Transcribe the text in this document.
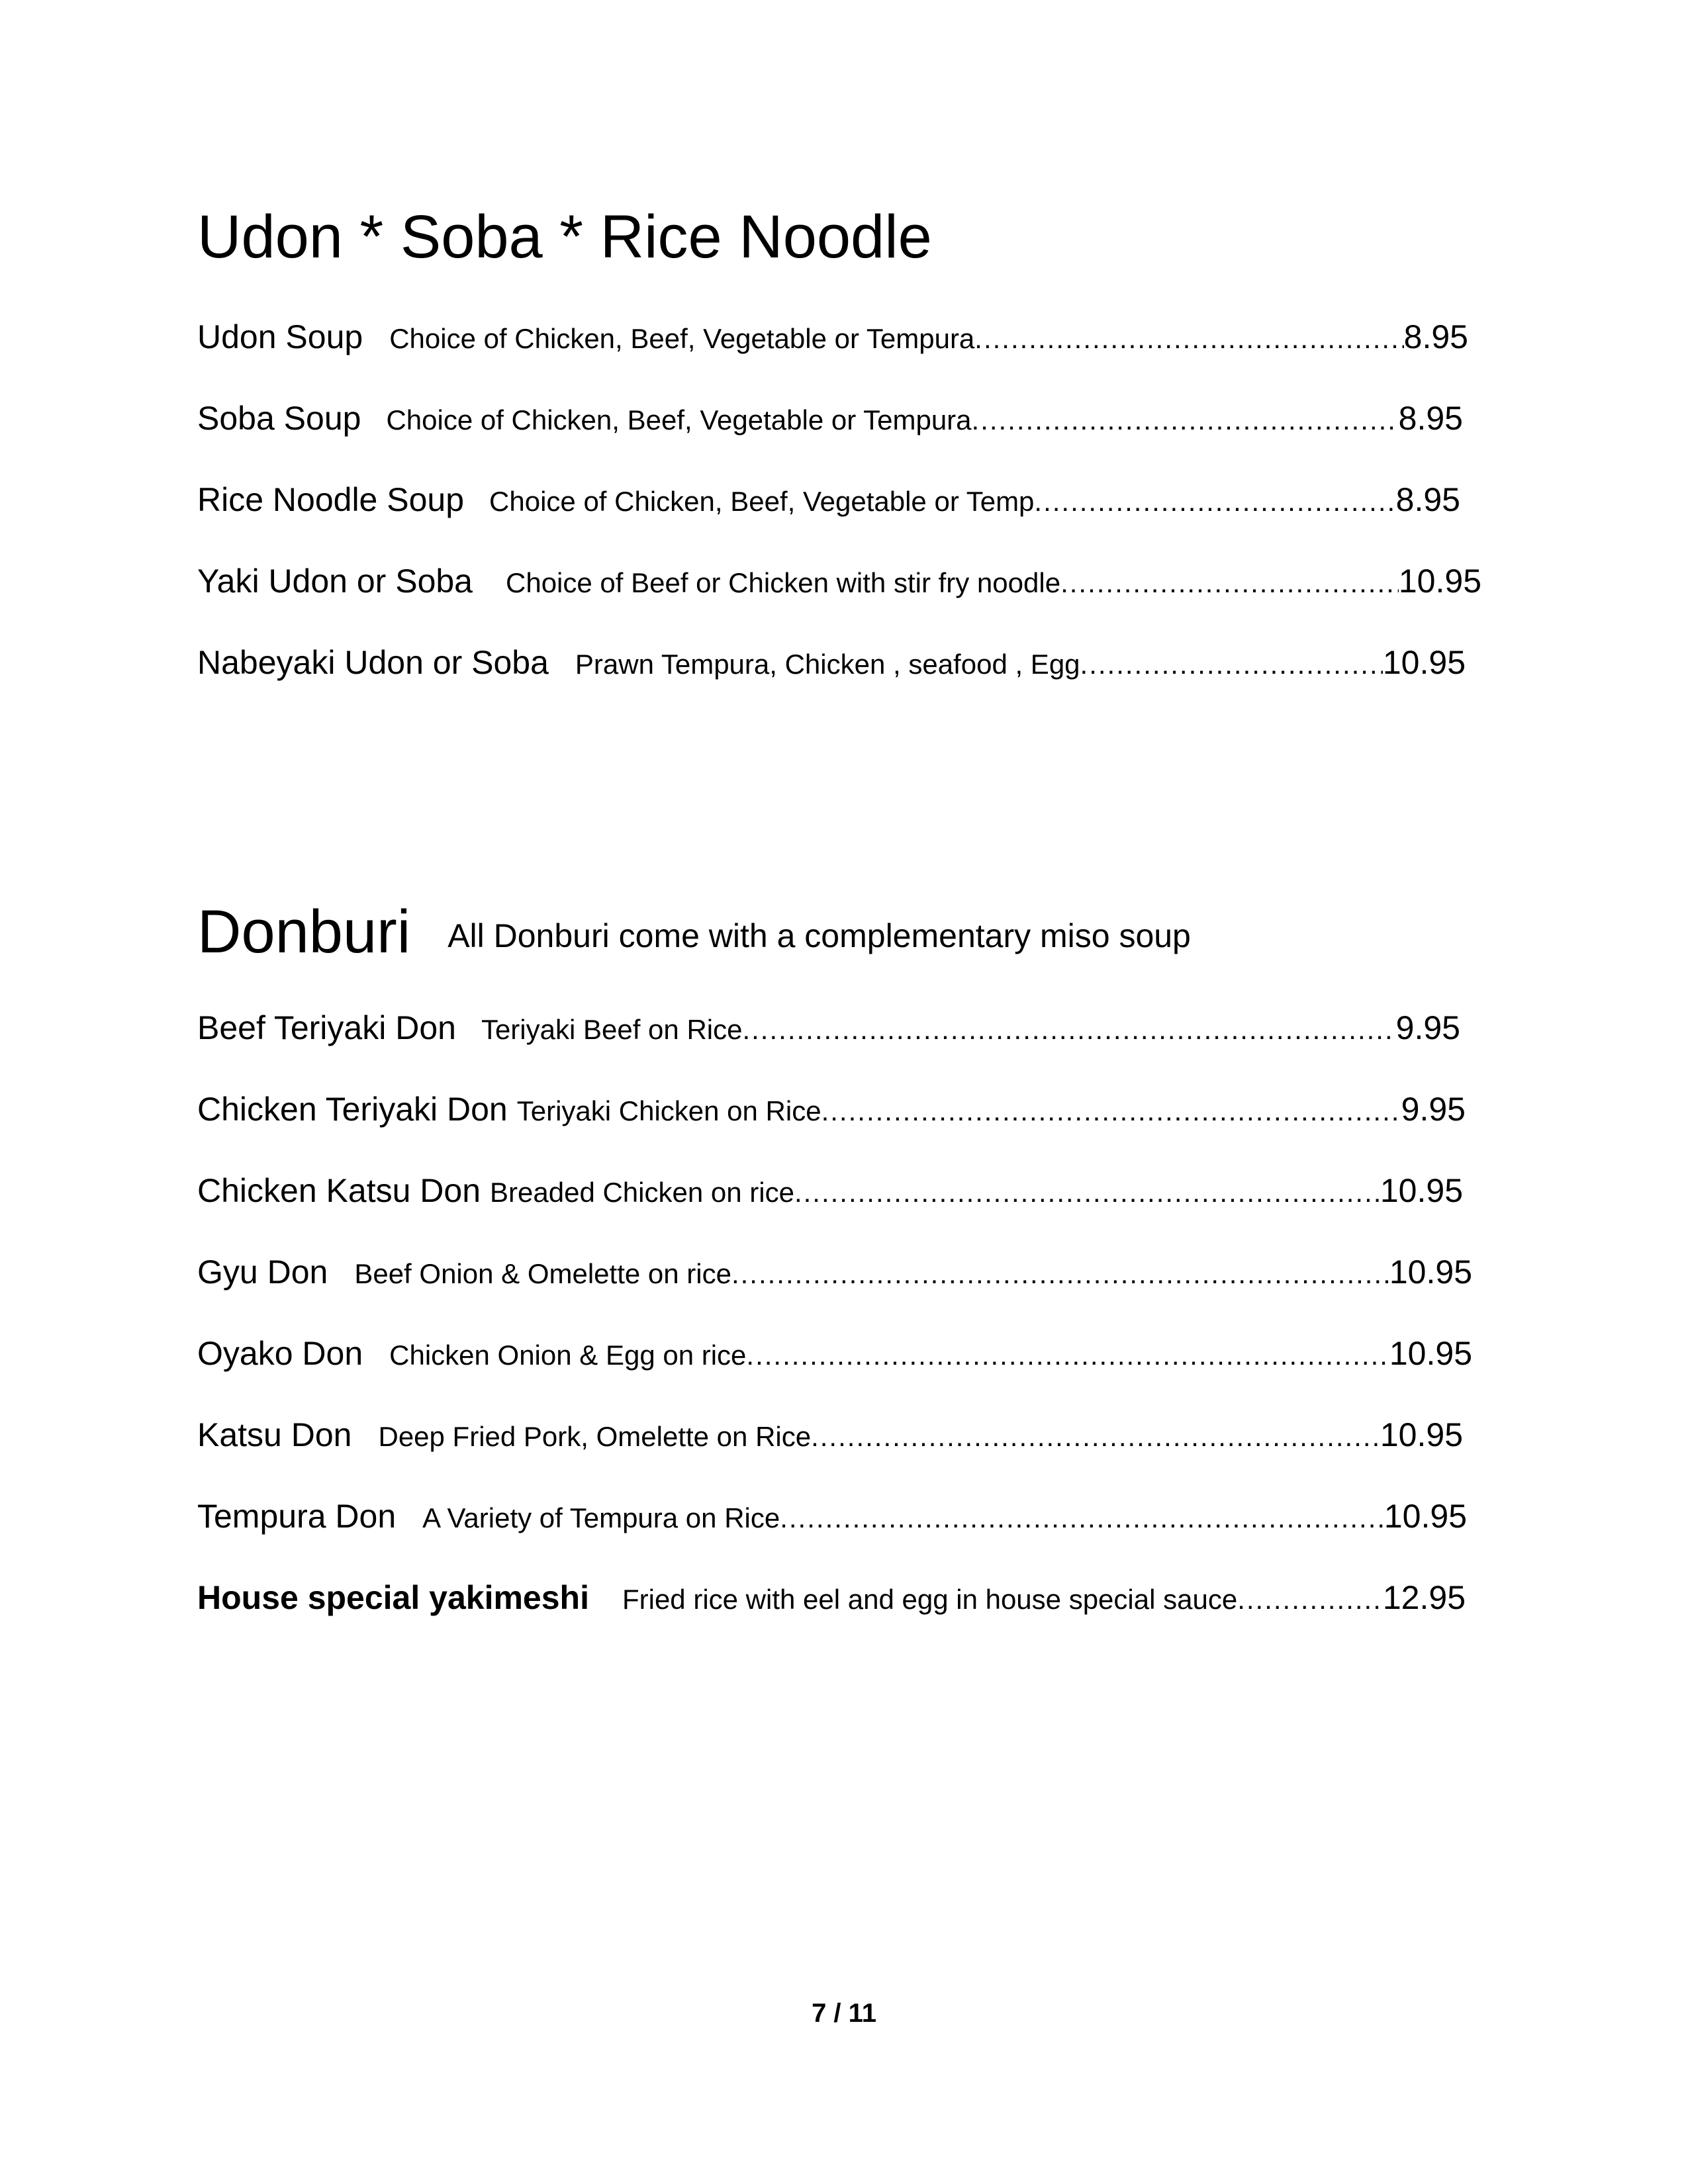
Udon * Soba * Rice Noodle
Udon Soup Choice of Chicken, Beef, Vegetable or Tempura .....	8.95
Soba Soup Choice of Chicken, Beef, Vegetable or Tempura .....	8.95
Rice Noodle Soup Choice of Chicken, Beef, Vegetable or Temp .....	8.95
Yaki Udon or Soba Choice of Beef or Chicken with stir fry noodle .....	10.95
Nabeyaki Udon or Soba Prawn Tempura, Chicken , seafood , Egg .....	10.95
Donburi All Donburi come with a complementary miso soup
Beef Teriyaki Don Teriyaki Beef on Rice .....	9.95
Chicken Teriyaki Don Teriyaki Chicken on Rice .....	9.95
Chicken Katsu Don Breaded Chicken on rice .....	10.95
Gyu Don Beef Onion & Omelette on rice .....	10.95
Oyako Don Chicken Onion & Egg on rice .....	10.95
Katsu Don Deep Fried Pork, Omelette on Rice .....	10.95
Tempura Don A Variety of Tempura on Rice .....	10.95
House special yakimeshi Fried rice with eel and egg in house special sauce .....	12.95
7 / 11
